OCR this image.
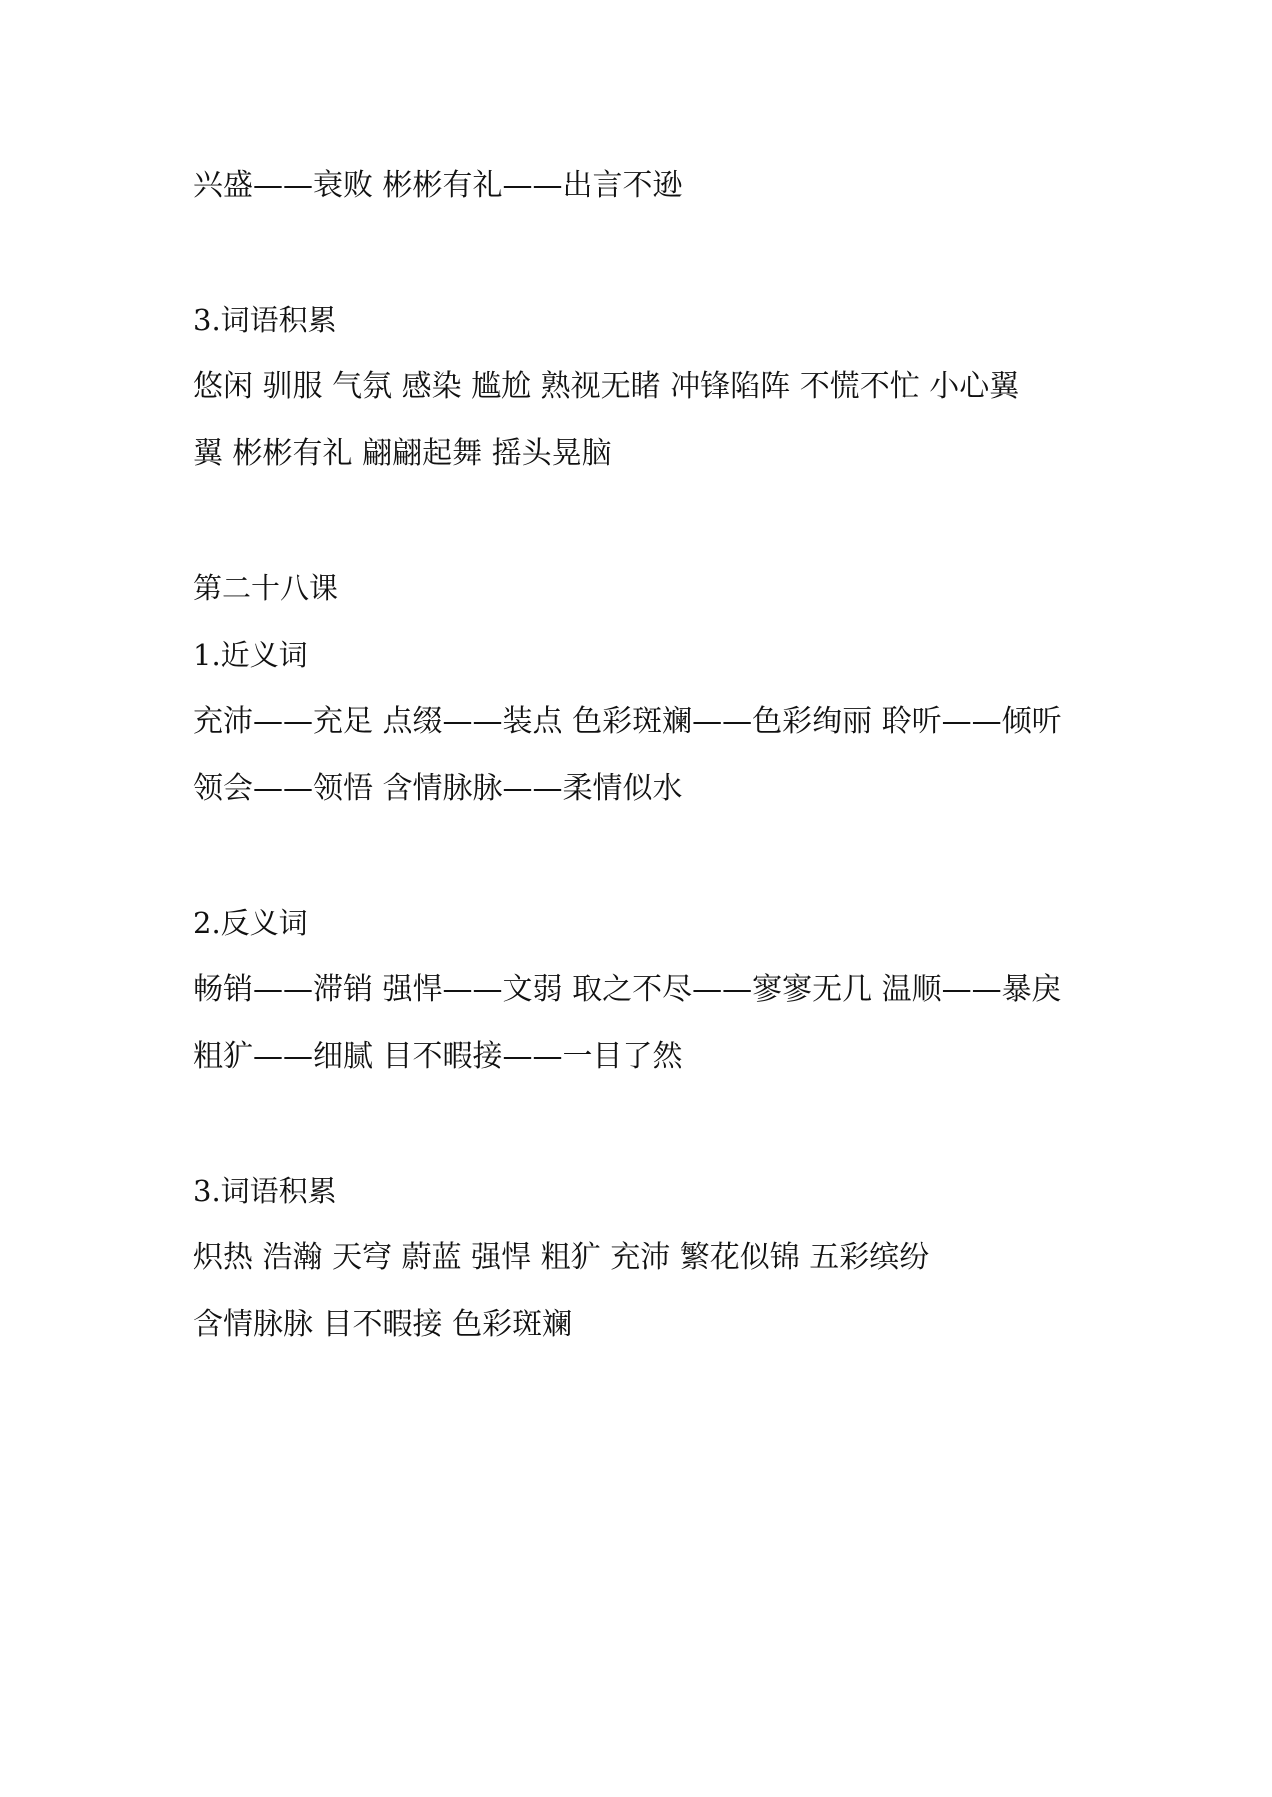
兴盛——衰败 彬彬有礼——出言不逊
3.词语积累
悠闲 驯服 气氛 感染 尴尬 熟视无睹 冲锋陷阵 不慌不忙 小心翼
翼 彬彬有礼 翩翩起舞 摇头晃脑
第二十八课
1.近义词
充沛——充足 点缀——装点 色彩斑斓——色彩绚丽 聆听——倾听
领会——领悟 含情脉脉——柔情似水
2.反义词
畅销——滞销 强悍——文弱 取之不尽——寥寥无几 温顺——暴戾
粗犷——细腻 目不暇接——一目了然
3.词语积累
炽热 浩瀚 天穹 蔚蓝 强悍 粗犷 充沛 繁花似锦 五彩缤纷
含情脉脉 目不暇接 色彩斑斓
